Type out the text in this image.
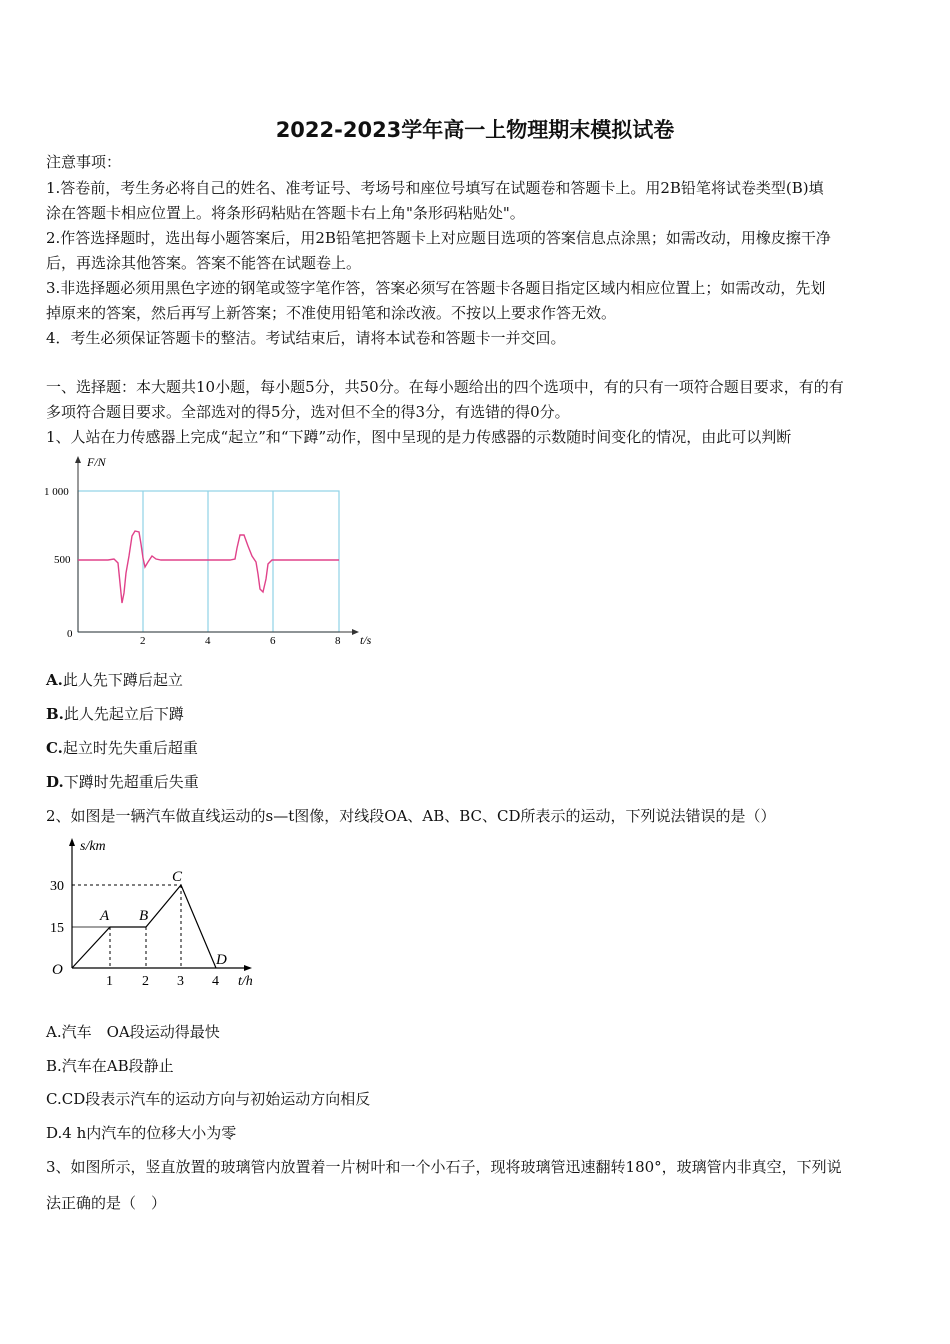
2022-2023学年高一上物理期末模拟试卷
注意事项：
1.答卷前，考生务必将自己的姓名、准考证号、考场号和座位号填写在试题卷和答题卡上。用2B铅笔将试卷类型(B)填
涂在答题卡相应位置上。将条形码粘贴在答题卡右上角"条形码粘贴处"。
2.作答选择题时，选出每小题答案后，用2B铅笔把答题卡上对应题目选项的答案信息点涂黑；如需改动，用橡皮擦干净
后，再选涂其他答案。答案不能答在试题卷上。
3.非选择题必须用黑色字迹的钢笔或签字笔作答，答案必须写在答题卡各题目指定区域内相应位置上；如需改动，先划
掉原来的答案，然后再写上新答案；不准使用铅笔和涂改液。不按以上要求作答无效。
4．考生必须保证答题卡的整洁。考试结束后，请将本试卷和答题卡一并交回。
一、选择题：本大题共10小题，每小题5分，共50分。在每小题给出的四个选项中，有的只有一项符合题目要求，有的有
多项符合题目要求。全部选对的得5分，选对但不全的得3分，有选错的得0分。
1、人站在力传感器上完成“起立”和“下蹲”动作，图中呈现的是力传感器的示数随时间变化的情况，由此可以判断
F/N
1 000
500
0
2	4	6	8 t/s
A.此人先下蹲后起立
B.此人先起立后下蹲
C.起立时先失重后超重
D.下蹲时先超重后失重
2、如图是一辆汽车做直线运动的s—t图像，对线段OA、AB、BC、CD所表示的运动，下列说法错误的是（）
s/km
30
15
1 2 3 4 t/h
O
A B
C
D
A.汽车　OA段运动得最快
B.汽车在AB段静止
C.CD段表示汽车的运动方向与初始运动方向相反
D.4 h内汽车的位移大小为零
3、如图所示，竖直放置的玻璃管内放置着一片树叶和一个小石子，现将玻璃管迅速翻转180°，玻璃管内非真空，下列说
法正确的是（　）
